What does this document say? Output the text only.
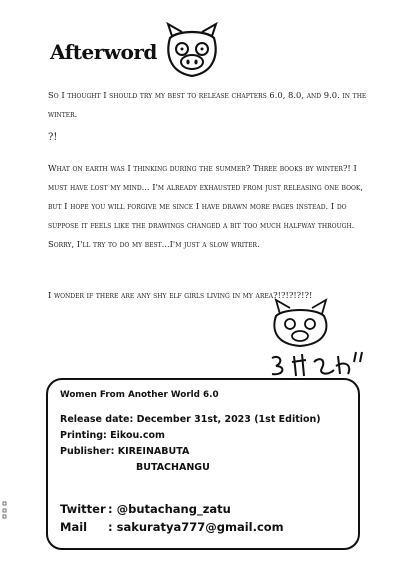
Afterword
So I thought I should try my best to release chapters 6.0, 8.0, and 9.0. in the winter.
?!
What on earth was I thinking during the summer? Three books by winter?! I must have lost my mind... I'm already exhausted from just releasing one book, but I hope you will forgive me since I have drawn more pages instead. I do suppose it feels like the drawings changed a bit too much halfway through. Sorry, I'll try to do my best...I'm just a slow writer.
I wonder if there are any shy elf girls living in my area?!?!?!?!?!
Women From Another World 6.0
Release date: December 31st, 2023 (1st Edition)
Printing: Eikou.com
Publisher: KIREINABUTA
BUTACHANGU
Twitter : @butachang_zatu
Mail : sakuratya777@gmail.com
